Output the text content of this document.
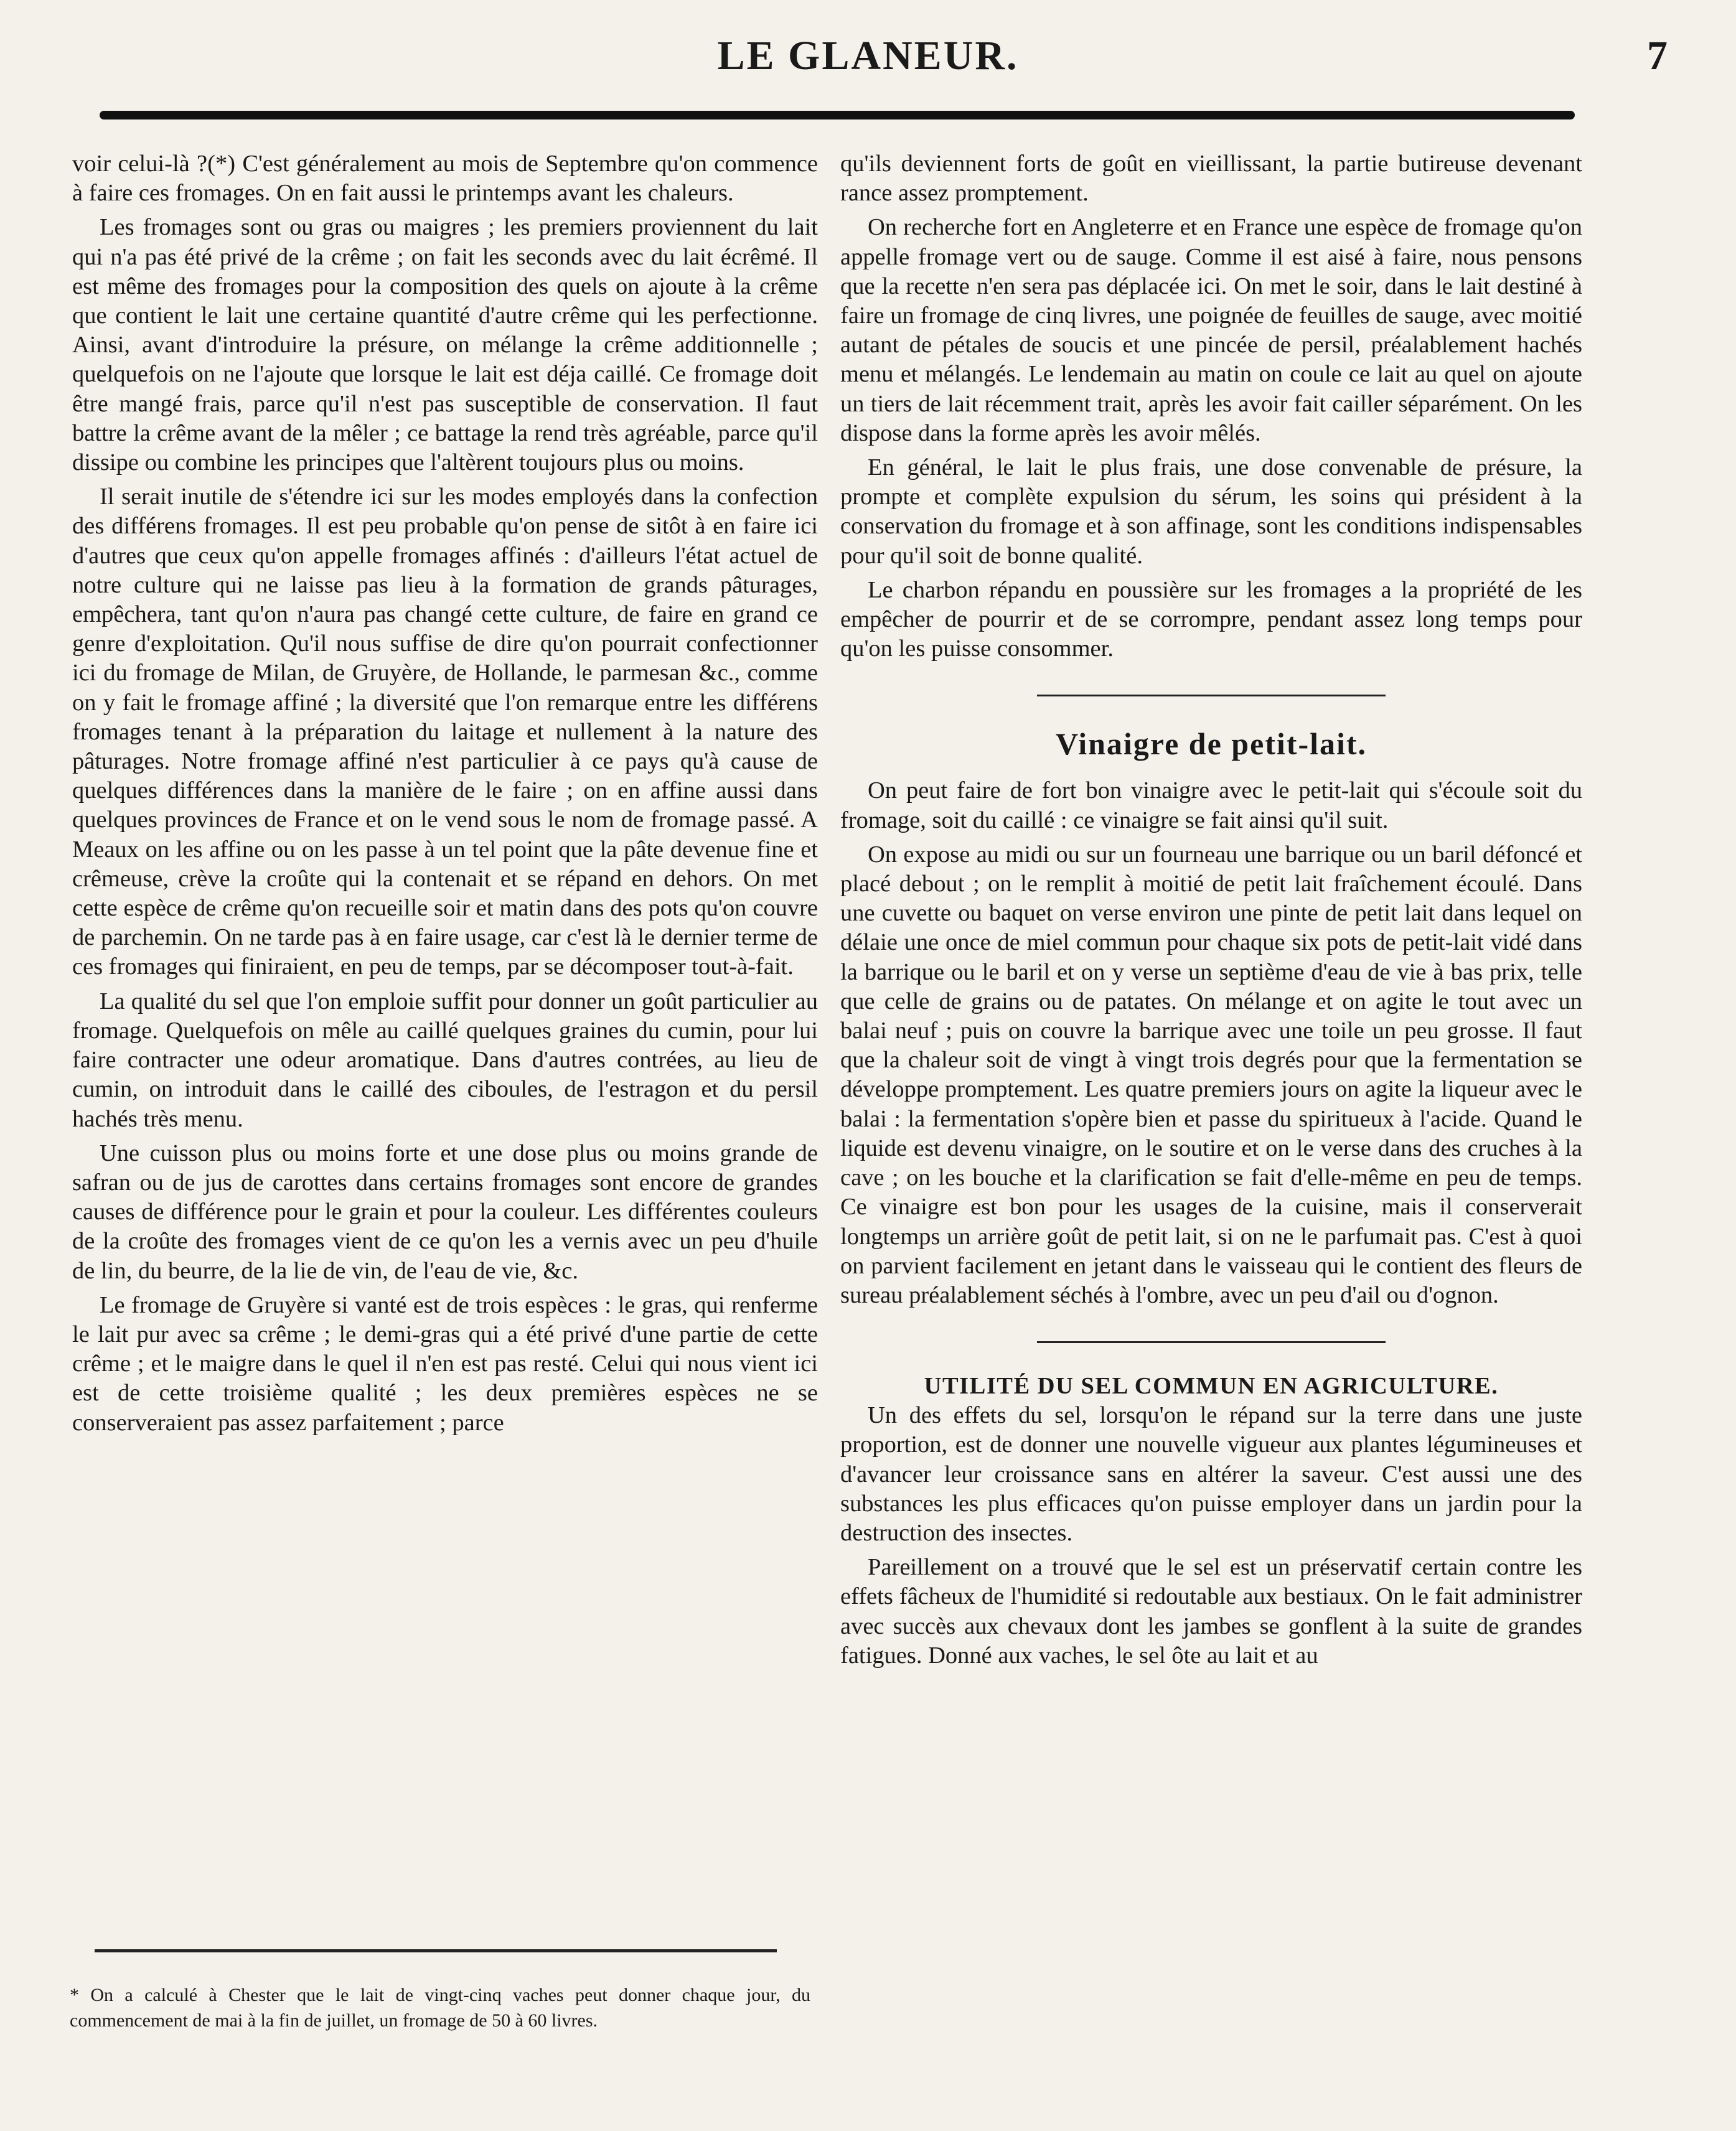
LE GLANEUR.	7

voir celui-là ?(*) C'est généralement au mois de Septembre qu'on commence à faire ces fromages. On en fait aussi le printemps avant les chaleurs.

Les fromages sont ou gras ou maigres ; les premiers proviennent du lait qui n'a pas été privé de la crême ; on fait les seconds avec du lait écrêmé. Il est même des fromages pour la composition des quels on ajoute à la crême que contient le lait une certaine quantité d'autre crême qui les perfectionne. Ainsi, avant d'introduire la présure, on mélange la crême additionnelle ; quelquefois on ne l'ajoute que lorsque le lait est déja caillé. Ce fromage doit être mangé frais, parce qu'il n'est pas susceptible de conservation. Il faut battre la crême avant de la mêler ; ce battage la rend très agréable, parce qu'il dissipe ou combine les principes que l'altèrent toujours plus ou moins.

Il serait inutile de s'étendre ici sur les modes employés dans la confection des différens fromages. Il est peu probable qu'on pense de sitôt à en faire ici d'autres que ceux qu'on appelle fromages affinés : d'ailleurs l'état actuel de notre culture qui ne laisse pas lieu à la formation de grands pâturages, empêchera, tant qu'on n'aura pas changé cette culture, de faire en grand ce genre d'exploitation. Qu'il nous suffise de dire qu'on pourrait confectionner ici du fromage de Milan, de Gruyère, de Hollande, le parmesan &c., comme on y fait le fromage affiné ; la diversité que l'on remarque entre les différens fromages tenant à la préparation du laitage et nullement à la nature des pâturages. Notre fromage affiné n'est particulier à ce pays qu'à cause de quelques différences dans la manière de le faire ; on en affine aussi dans quelques provinces de France et on le vend sous le nom de fromage passé. A Meaux on les affine ou on les passe à un tel point que la pâte devenue fine et crêmeuse, crève la croûte qui la contenait et se répand en dehors. On met cette espèce de crême qu'on recueille soir et matin dans des pots qu'on couvre de parchemin. On ne tarde pas à en faire usage, car c'est là le dernier terme de ces fromages qui finiraient, en peu de temps, par se décomposer tout-à-fait.

La qualité du sel que l'on emploie suffit pour donner un goût particulier au fromage. Quelquefois on mêle au caillé quelques graines du cumin, pour lui faire contracter une odeur aromatique. Dans d'autres contrées, au lieu de cumin, on introduit dans le caillé des ciboules, de l'estragon et du persil hachés très menu.

Une cuisson plus ou moins forte et une dose plus ou moins grande de safran ou de jus de carottes dans certains fromages sont encore de grandes causes de différence pour le grain et pour la couleur. Les différentes couleurs de la croûte des fromages vient de ce qu'on les a vernis avec un peu d'huile de lin, du beurre, de la lie de vin, de l'eau de vie, &c.

Le fromage de Gruyère si vanté est de trois espèces : le gras, qui renferme le lait pur avec sa crême ; le demi-gras qui a été privé d'une partie de cette crême ; et le maigre dans le quel il n'en est pas resté. Celui qui nous vient ici est de cette troisième qualité ; les deux premières espèces ne se conserveraient pas assez parfaitement ; parce

* On a calculé à Chester que le lait de vingt-cinq vaches peut donner chaque jour, du commencement de mai à la fin de juillet, un fromage de 50 à 60 livres.

qu'ils deviennent forts de goût en vieillissant, la partie butireuse devenant rance assez promptement.

On recherche fort en Angleterre et en France une espèce de fromage qu'on appelle fromage vert ou de sauge. Comme il est aisé à faire, nous pensons que la recette n'en sera pas déplacée ici. On met le soir, dans le lait destiné à faire un fromage de cinq livres, une poignée de feuilles de sauge, avec moitié autant de pétales de soucis et une pincée de persil, préalablement hachés menu et mélangés. Le lendemain au matin on coule ce lait au quel on ajoute un tiers de lait récemment trait, après les avoir fait cailler séparément. On les dispose dans la forme après les avoir mêlés.

En général, le lait le plus frais, une dose convenable de présure, la prompte et complète expulsion du sérum, les soins qui président à la conservation du fromage et à son affinage, sont les conditions indispensables pour qu'il soit de bonne qualité.

Le charbon répandu en poussière sur les fromages a la propriété de les empêcher de pourrir et de se corrompre, pendant assez long temps pour qu'on les puisse consommer.

Vinaigre de petit-lait.

On peut faire de fort bon vinaigre avec le petit-lait qui s'écoule soit du fromage, soit du caillé : ce vinaigre se fait ainsi qu'il suit.

On expose au midi ou sur un fourneau une barrique ou un baril défoncé et placé debout ; on le remplit à moitié de petit lait fraîchement écoulé. Dans une cuvette ou baquet on verse environ une pinte de petit lait dans lequel on délaie une once de miel commun pour chaque six pots de petit-lait vidé dans la barrique ou le baril et on y verse un septième d'eau de vie à bas prix, telle que celle de grains ou de patates. On mélange et on agite le tout avec un balai neuf ; puis on couvre la barrique avec une toile un peu grosse. Il faut que la chaleur soit de vingt à vingt trois degrés pour que la fermentation se développe promptement. Les quatre premiers jours on agite la liqueur avec le balai : la fermentation s'opère bien et passe du spiritueux à l'acide. Quand le liquide est devenu vinaigre, on le soutire et on le verse dans des cruches à la cave ; on les bouche et la clarification se fait d'elle-même en peu de temps. Ce vinaigre est bon pour les usages de la cuisine, mais il conserverait longtemps un arrière goût de petit lait, si on ne le parfumait pas. C'est à quoi on parvient facilement en jetant dans le vaisseau qui le contient des fleurs de sureau préalablement séchés à l'ombre, avec un peu d'ail ou d'ognon.

UTILITÉ DU SEL COMMUN EN AGRICULTURE.

Un des effets du sel, lorsqu'on le répand sur la terre dans une juste proportion, est de donner une nouvelle vigueur aux plantes légumineuses et d'avancer leur croissance sans en altérer la saveur. C'est aussi une des substances les plus efficaces qu'on puisse employer dans un jardin pour la destruction des insectes.

Pareillement on a trouvé que le sel est un préservatif certain contre les effets fâcheux de l'humidité si redoutable aux bestiaux. On le fait administrer avec succès aux chevaux dont les jambes se gonflent à la suite de grandes fatigues. Donné aux vaches, le sel ôte au lait et au
